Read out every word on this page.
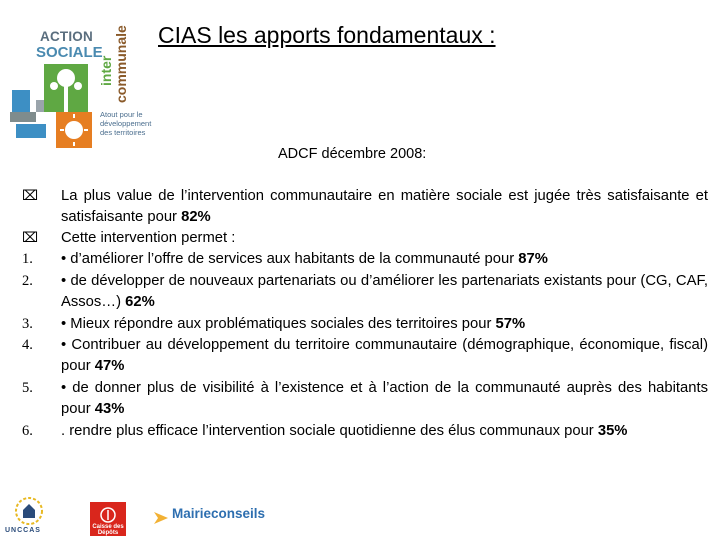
ACTION
SOCIALE
inter communale
Atout pour le développement des territoires
CIAS les apports fondamentaux :
ADCF décembre 2008:
⌧	La plus value de l’intervention communautaire en matière sociale est jugée très satisfaisante et satisfaisante pour 82%
⌧	Cette intervention permet :
1.	• d’améliorer l’offre de services aux habitants de la communauté pour 87%
2.	• de développer de nouveaux partenariats ou d’améliorer les partenariats existants pour (CG, CAF, Assos…) 62%
3.	• Mieux répondre aux problématiques sociales des territoires pour 57%
4.	• Contribuer au développement du territoire communautaire (démographique, économique, fiscal) pour 47%
5.	• de donner plus de visibilité à l’existence et à l’action de la communauté auprès des habitants pour 43%
6.	. rendre plus efficace l’intervention sociale quotidienne des élus communaux pour 35%
UNCCAS	Caisse des Dépôts
Mairieconseils
